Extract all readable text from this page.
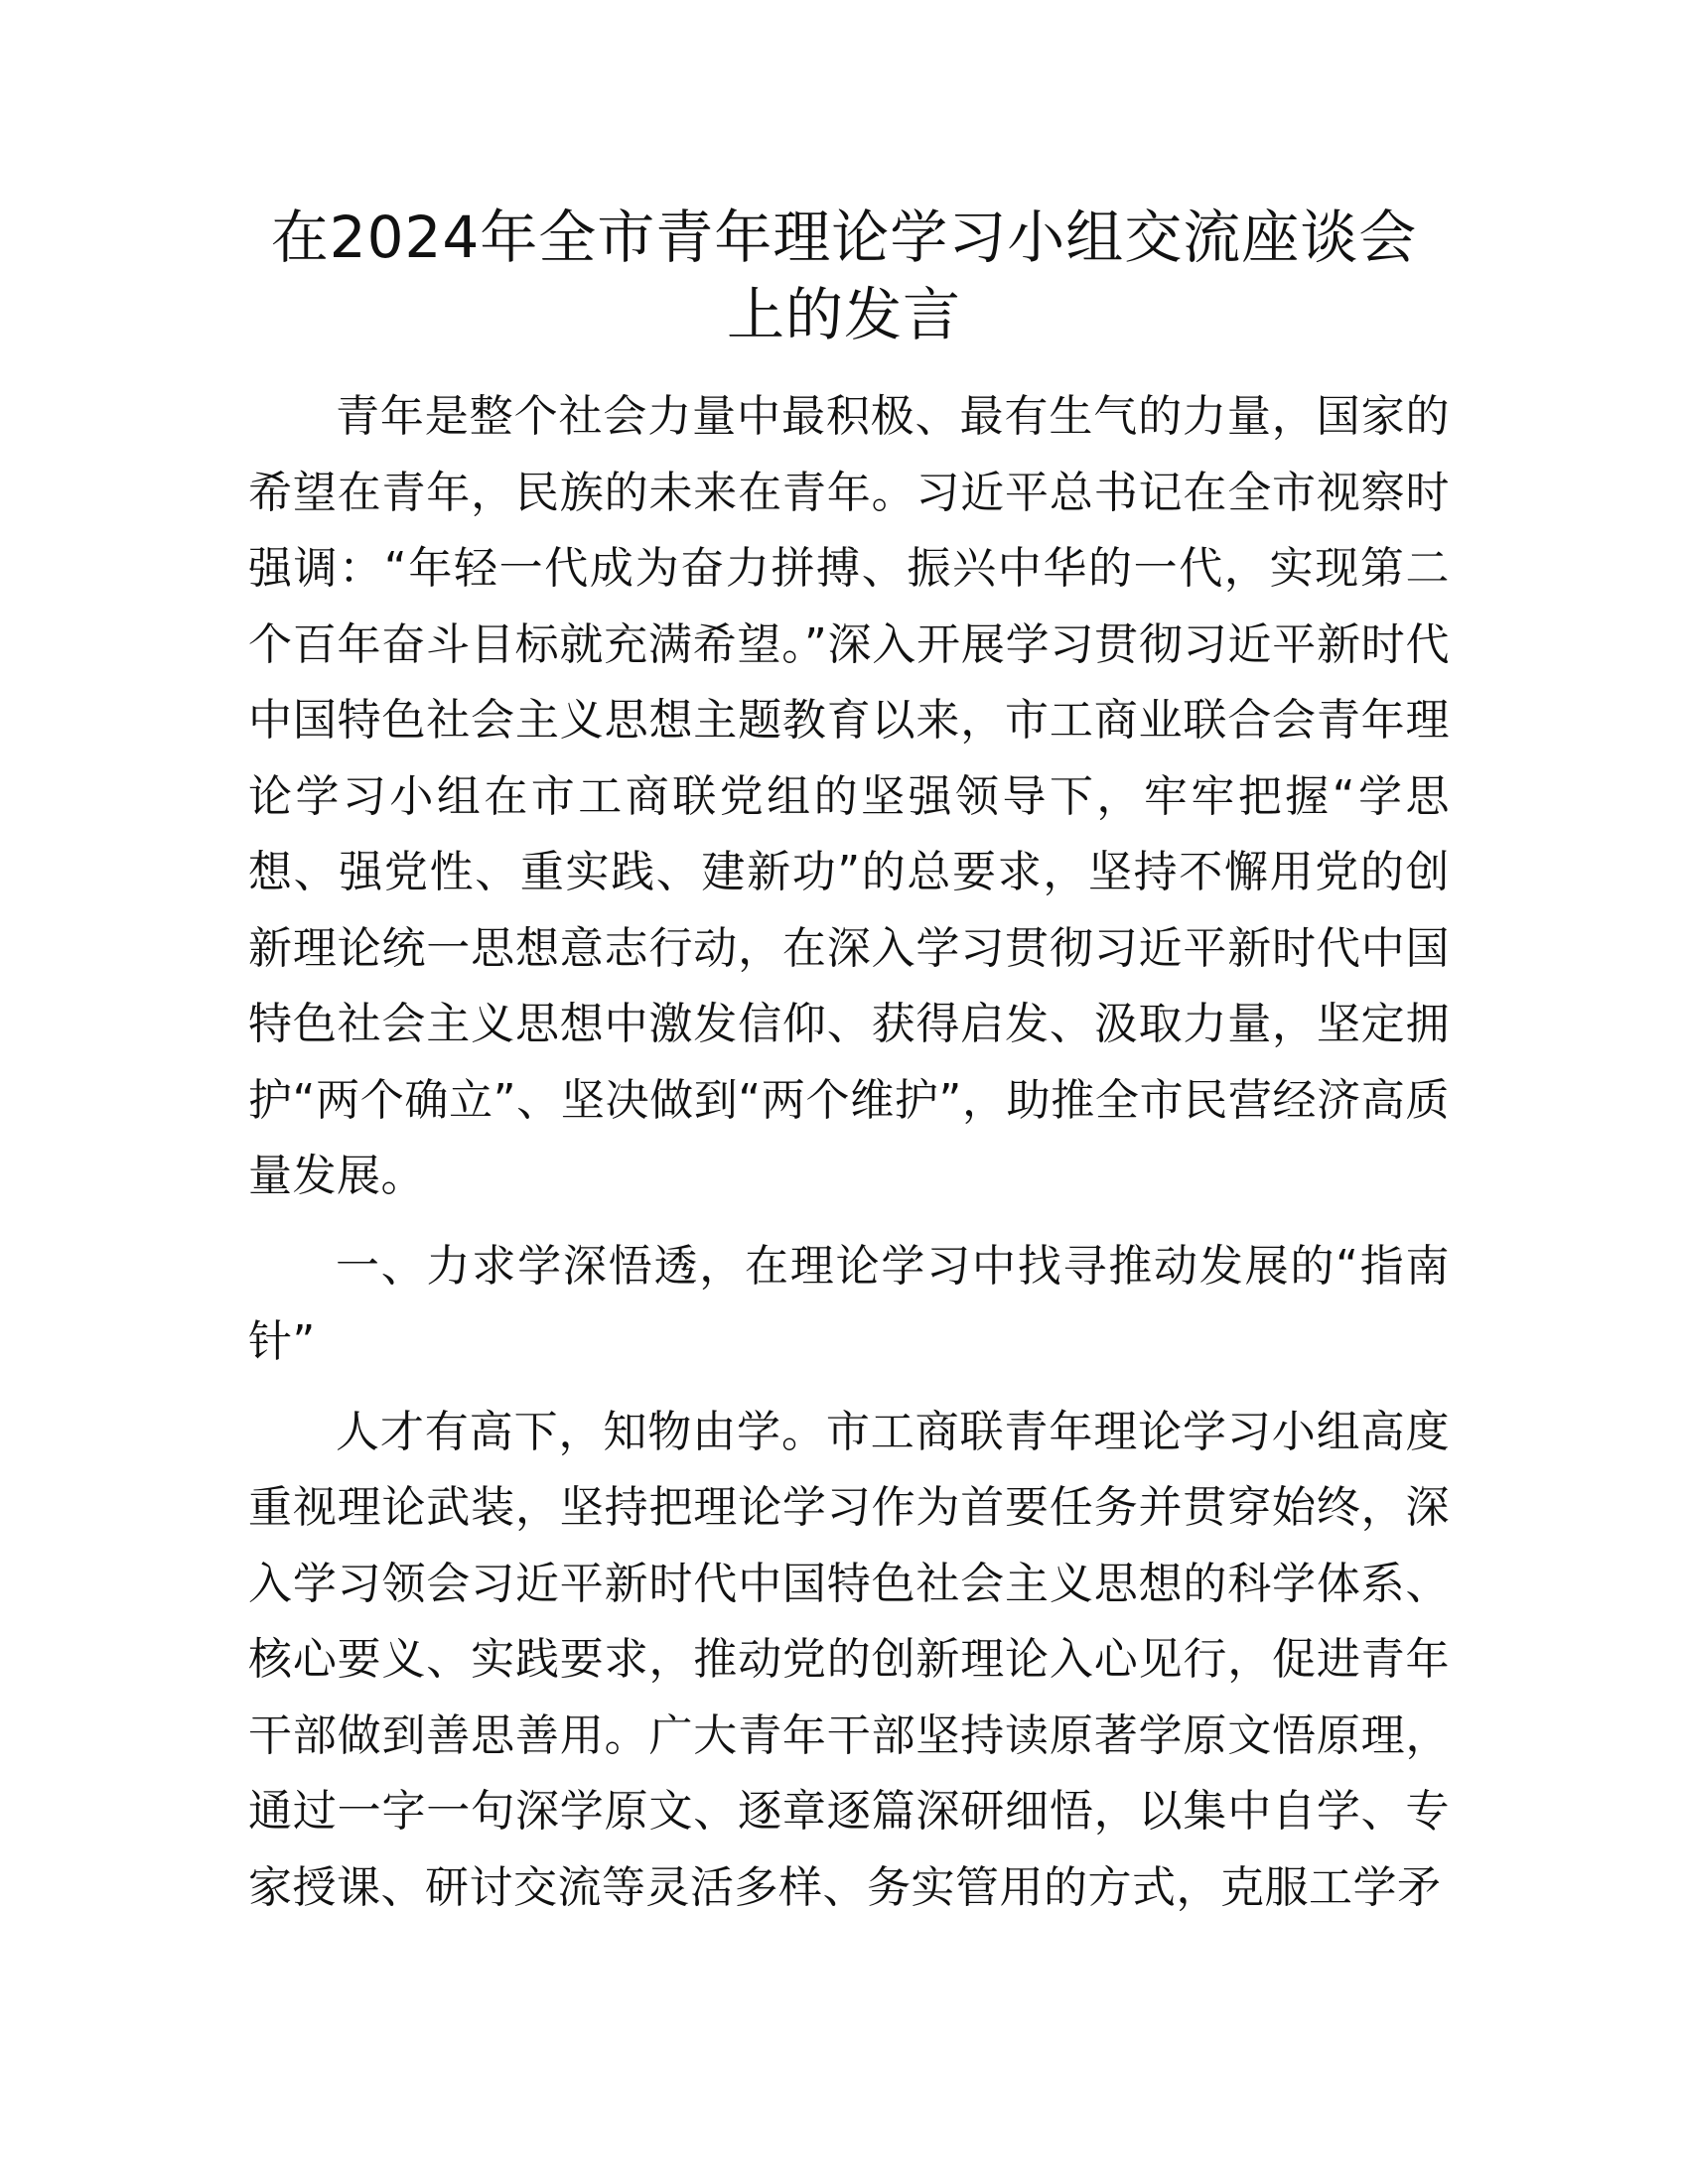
在2024年全市青年理论学习小组交流座谈会上的发言

青年是整个社会力量中最积极、最有生气的力量，国家的希望在青年，民族的未来在青年。习近平总书记在全市视察时强调：“年轻一代成为奋力拼搏、振兴中华的一代，实现第二个百年奋斗目标就充满希望。”深入开展学习贯彻习近平新时代中国特色社会主义思想主题教育以来，市工商业联合会青年理论学习小组在市工商联党组的坚强领导下，牢牢把握“学思想、强党性、重实践、建新功”的总要求，坚持不懈用党的创新理论统一思想意志行动，在深入学习贯彻习近平新时代中国特色社会主义思想中激发信仰、获得启发、汲取力量，坚定拥护“两个确立”、坚决做到“两个维护”，助推全市民营经济高质量发展。

一、力求学深悟透，在理论学习中找寻推动发展的“指南针”

人才有高下，知物由学。市工商联青年理论学习小组高度重视理论武装，坚持把理论学习作为首要任务并贯穿始终，深入学习领会习近平新时代中国特色社会主义思想的科学体系、核心要义、实践要求，推动党的创新理论入心见行，促进青年干部做到善思善用。广大青年干部坚持读原著学原文悟原理，通过一字一句深学原文、逐章逐篇深研细悟，以集中自学、专家授课、研讨交流等灵活多样、务实管用的方式，克服工学矛
